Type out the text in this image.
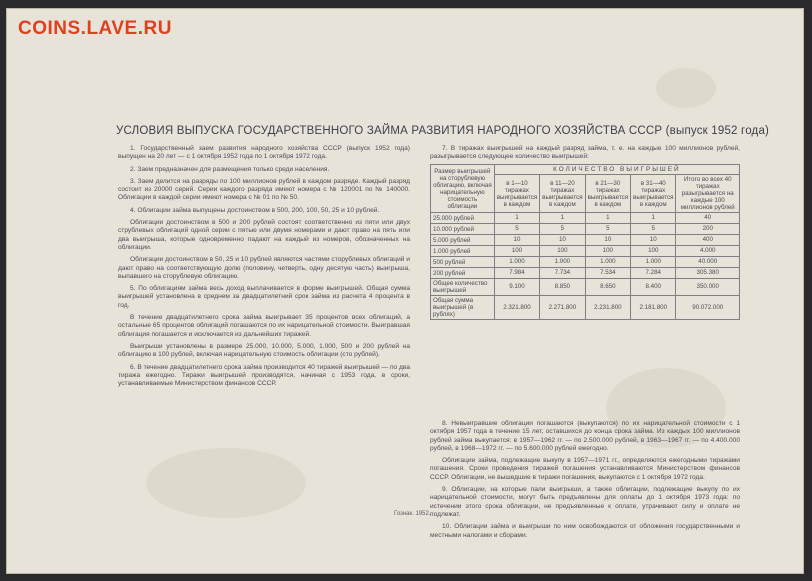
COINS.LAVE.RU
УСЛОВИЯ ВЫПУСКА ГОСУДАРСТВЕННОГО ЗАЙМА РАЗВИТИЯ НАРОДНОГО ХОЗЯЙСТВА СССР (выпуск 1952 года)

1. Государственный заем развития народного хозяйства СССР (выпуск 1952 года) выпущен на 20 лет — с 1 октября 1952 года по 1 октября 1972 года.

2. Заем предназначен для размещения только среди населения.

3. Заем делится на разряды по 100 миллионов рублей в каждом разряде. Каждый разряд состоит из 20000 серий. Серии каждого разряда имеют номера с № 120001 по № 140000. Облигации в каждой серии имеют номера с № 01 по № 50.

4. Облигации займа выпущены достоинством в 500, 200, 100, 50, 25 и 10 рублей.

Облигации достоинством в 500 и 200 рублей состоят соответственно из пяти или двух струблевых облигаций одной серии с пятью или двумя номерами и дают право на пять или два выигрыша, которые одновременно падают на каждый из номеров, обозначенных на облигации.

Облигации достоинством в 50, 25 и 10 рублей являются частями сторублевых облигаций и дают право на соответствующую долю (половину, четверть, одну десятую часть) выигрыша, выпавшего на сторублевую облигацию.

5. По облигациям займа весь доход выплачивается в форме выигрышей. Общая сумма выигрышей установлена в среднем за двадцатилетний срок займа из расчета 4 процента в год.

В течение двадцатилетнего срока займа выигрывает 35 процентов всех облигаций, а остальные 65 процентов облигаций погашаются по их нарицательной стоимости. Выигравшая облигация погашается и исключается из дальнейших тиражей.

Выигрыши установлены в размере 25.000, 10.000, 5.000, 1.000, 500 и 200 рублей на облигацию в 100 рублей, включая нарицательную стоимость облигации (сто рублей).

6. В течение двадцатилетнего срока займа производится 40 тиражей выигрышей — по два тиража ежегодно. Тиражи выигрышей производятся, начиная с 1953 года, в сроки, устанавливаемые Министерством финансов СССР.

7. В тиражах выигрышей на каждый разряд займа, т. е. на каждые 100 миллионов рублей, разыгрывается следующее количество выигрышей:
Размер выигрышей на сторублевую облигацию, включая нарицательную стоимость облигации	КОЛИЧЕСТВО ВЫИГРЫШЕЙ				
	в 1—10 тиражах выигрывается в каждом	в 11—20 тиражах выигрывается в каждом	в 21—30 тиражах выигрывается в каждом	в 31—40 тиражах выигрывается в каждом	Итого во всех 40 тиражах разыгрывается на каждые 100 миллионов рублей
25.000 рублей	1	1	1	1	40
10.000 рублей	5	5	5	5	200
5.000 рублей	10	10	10	10	400
1.000 рублей	100	100	100	100	4.000
500 рублей	1.000	1.000	1.000	1.000	40.000
200 рублей	7.984	7.734	7.534	7.284	305.380
Общее количество выигрышей	9.100	8.850	8.650	8.400	350.000
Общая сумма выигрышей (в рублях)	2.321.800	2.271.800	2.231.800	2.181.800	90.072.000

8. Невыигравшие облигации погашаются (выкупаются) по их нарицательной стоимости с 1 октября 1957 года в течение 15 лет, оставшихся до конца срока займа. Из каждых 100 миллионов рублей займа выкупается: в 1957—1962 гг. — по 2.500.000 рублей, в 1963—1967 гг. — по 4.400.000 рублей, в 1968—1972 гг. — по 5.600.000 рублей ежегодно.

Облигации займа, подлежащие выкупу в 1957—1971 гг., определяются ежегодными тиражами погашения. Сроки проведения тиражей погашения устанавливаются Министерством финансов СССР. Облигации, не вышедшие в тиражи погашения, выкупаются с 1 октября 1972 года.

9. Облигации, на которые пали выигрыши, а также облигации, подлежащие выкупу по их нарицательной стоимости, могут быть предъявлены для оплаты до 1 октября 1973 года: по истечении этого срока облигации, не предъявленные к оплате, утрачивают силу и оплате не подлежат.

10. Облигации займа и выигрыши по ним освобождаются от обложения государственными и местными налогами и сборами.

Гознак. 1952.
